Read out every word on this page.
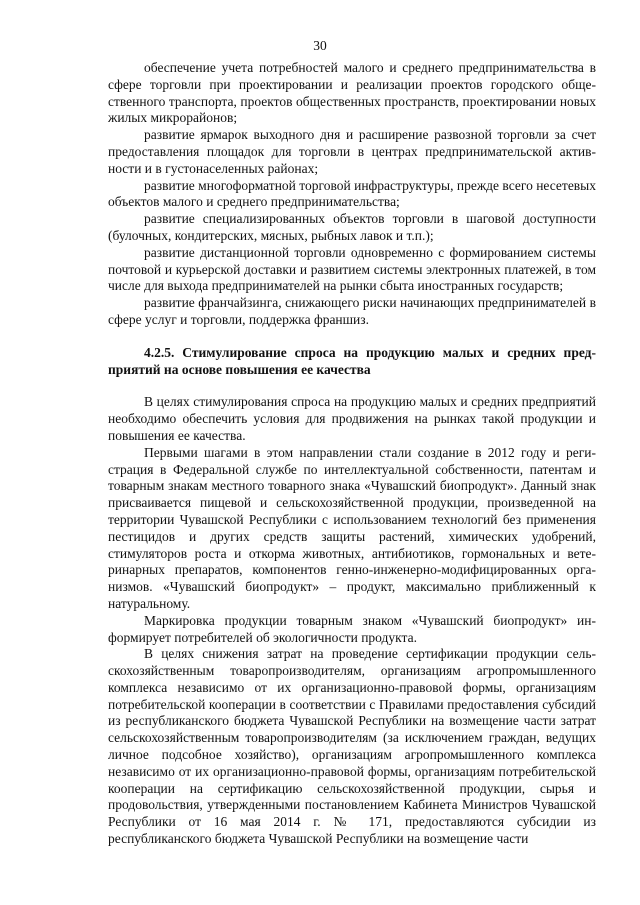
30

обеспечение учета потребностей малого и среднего предпринимательства в сфере торговли при проектировании и реализации проектов городского общественного транспорта, проектов общественных пространств, проектировании новых жилых микрорайонов;

развитие ярмарок выходного дня и расширение развозной торговли за счет предоставления площадок для торговли в центрах предпринимательской активности и в густонаселенных районах;

развитие многоформатной торговой инфраструктуры, прежде всего несетевых объектов малого и среднего предпринимательства;

развитие специализированных объектов торговли в шаговой доступности (булочных, кондитерских, мясных, рыбных лавок и т.п.);

развитие дистанционной торговли одновременно с формированием системы почтовой и курьерской доставки и развитием системы электронных платежей, в том числе для выхода предпринимателей на рынки сбыта иностранных государств;

развитие франчайзинга, снижающего риски начинающих предпринимателей в сфере услуг и торговли, поддержка франшиз.

4.2.5. Стимулирование спроса на продукцию малых и средних предприятий на основе повышения ее качества

В целях стимулирования спроса на продукцию малых и средних предприятий необходимо обеспечить условия для продвижения на рынках такой продукции и повышения ее качества.

Первыми шагами в этом направлении стали создание в 2012 году и регистрация в Федеральной службе по интеллектуальной собственности, патентам и товарным знакам местного товарного знака «Чувашский биопродукт». Данный знак присваивается пищевой и сельскохозяйственной продукции, произведенной на территории Чувашской Республики с использованием технологий без применения пестицидов и других средств защиты растений, химических удобрений, стимуляторов роста и откорма животных, антибиотиков, гормональных и ветеринарных препаратов, компонентов генно-инженерно-модифицированных организмов. «Чувашский биопродукт» – продукт, максимально приближенный к натуральному.

Маркировка продукции товарным знаком «Чувашский биопродукт» информирует потребителей об экологичности продукта.

В целях снижения затрат на проведение сертификации продукции сельскохозяйственным товаропроизводителям, организациям агропромышленного комплекса независимо от их организационно-правовой формы, организациям потребительской кооперации в соответствии с Правилами предоставления субсидий из республиканского бюджета Чувашской Республики на возмещение части затрат сельскохозяйственным товаропроизводителям (за исключением граждан, ведущих личное подсобное хозяйство), организациям агропромышленного комплекса независимо от их организационно-правовой формы, организациям потребительской кооперации на сертификацию сельскохозяйственной продукции, сырья и продовольствия, утвержденными постановлением Кабинета Министров Чувашской Республики от 16 мая 2014 г. № 171, предоставляются субсидии из республиканского бюджета Чувашской Республики на возмещение части
